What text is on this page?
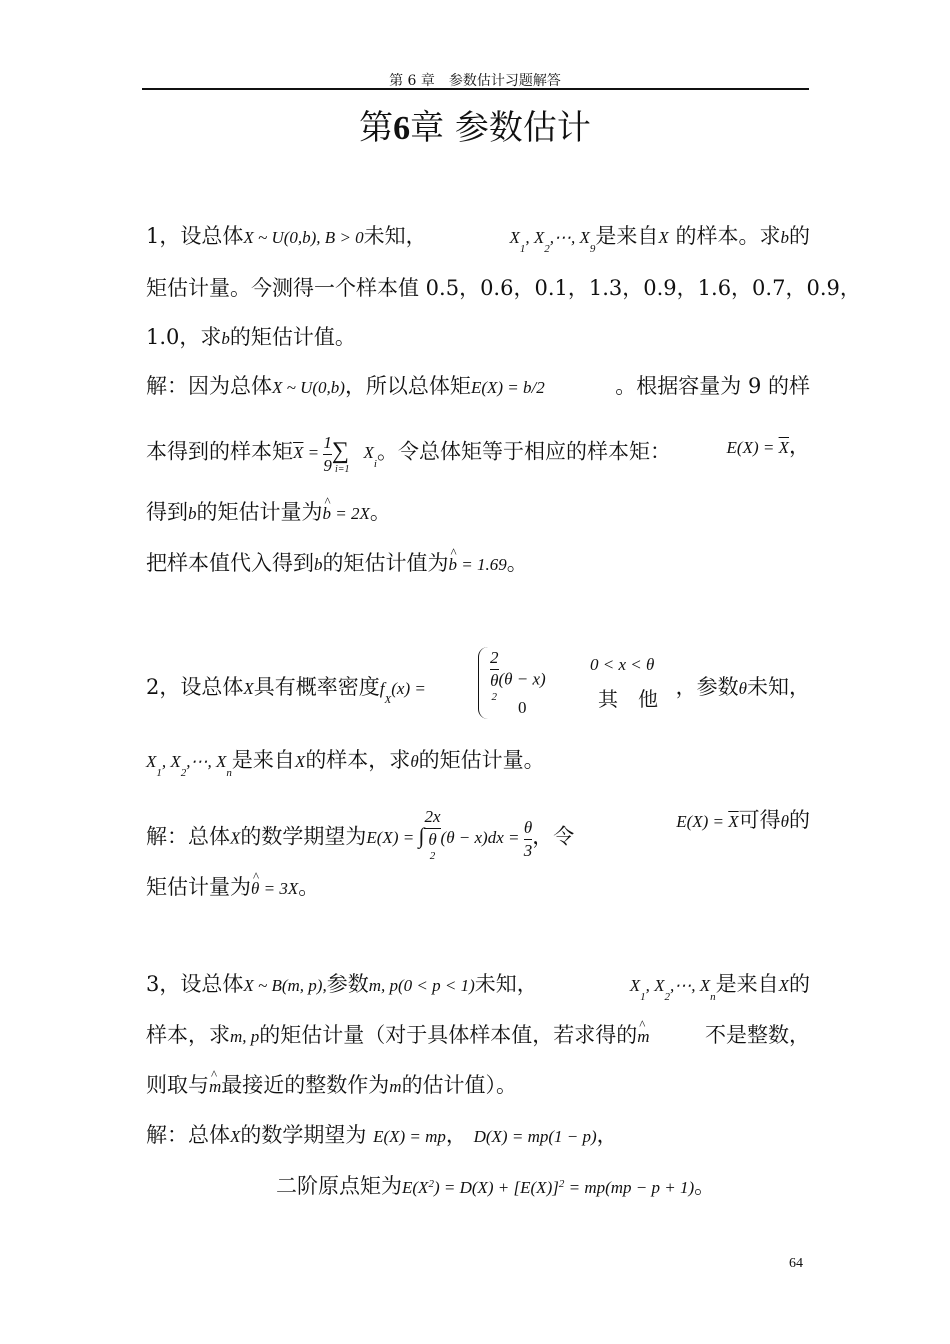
第 6 章　参数估计习题解答
第6章 参数估计
1，设总体X ~ U(0,b), B > 0未知，	$X_1$, $X_2,\cdots$, $X_9$是来自X 的样本。求b的
矩估计量。今测得一个样本值 0.5，0.6，0.1，1.3，0.9，1.6，0.7，0.9，
1.0，求b的矩估计值。
解：因为总体X ~ U(0,b)，所以总体矩E(X) = b/2	。根据容量为 9 的样
本得到的样本矩$\overline{X} = \frac{1}{9} \sum_{i=1}X_i$。令总体矩等于相应的样本矩：	$E(X) = \overline{X}$，
得到b的矩估计量为^ b = 2X。
把样本值代入得到b的矩估计值为^ b = 1.69。
2，设总体X具有概率密度$f_X(x)$ =	2
θ
2 (θ − x)
0 < x < θ
0	其　他 ，参数θ未知，
$X_1$, $X_2,\cdots$, $X_n$是来自X的样本，求θ的矩估计量。
解：总体X的数学期望为E(X) = ∫ 2x
θ
2 $(\theta - x)dx = \frac{\theta}{3}$ ，令
$E(X) = \overline{X}$可得θ的
矩估计量为^ θ = 3X。
3，设总体X ~ B(m, p),参数m, p(0 < p < 1)未知，	$X_1$, $X_2,\cdots$, $X_n$是来自X的
样本，求m, p的矩估计量（对于具体样本值，若求得的^ m	不是整数，
则取与^ m最接近的整数作为m的估计值）。
解：总体X的数学期望为 E(X) = mp， D(X) = mp(1 − p)，
二阶原点矩为$E(X^2) = D(X) + [E(X)]^2 = mp(mp - p + 1)$。
64
